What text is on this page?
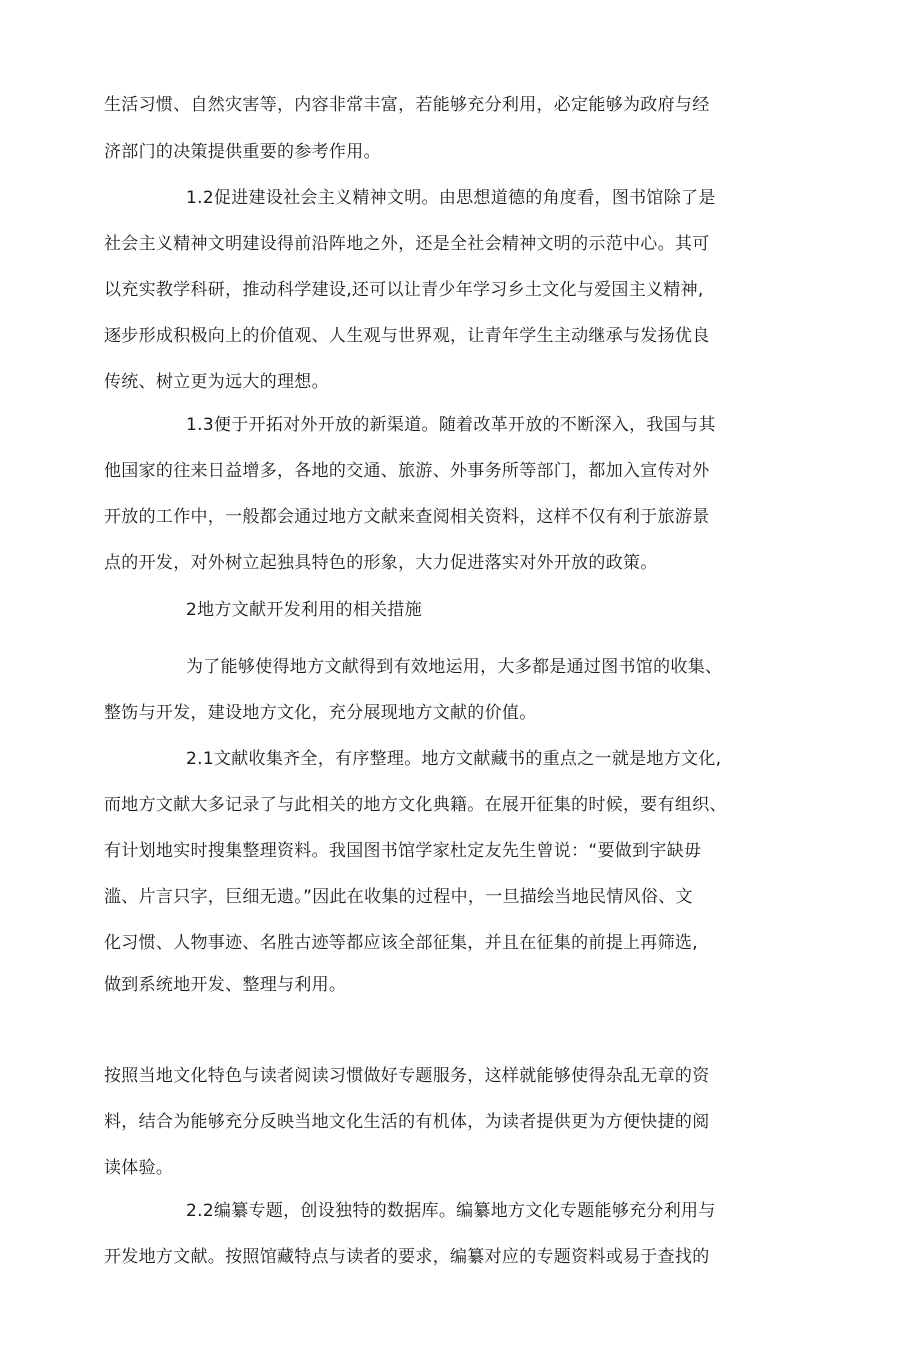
生活习惯、自然灾害等，内容非常丰富，若能够充分利用，必定能够为政府与经
济部门的决策提供重要的参考作用。
1.2促进建设社会主义精神文明。由思想道德的角度看，图书馆除了是
社会主义精神文明建设得前沿阵地之外，还是全社会精神文明的示范中心。其可
以充实教学科研，推动科学建设,还可以让青少年学习乡土文化与爱国主义精神,
逐步形成积极向上的价值观、人生观与世界观，让青年学生主动继承与发扬优良
传统、树立更为远大的理想。
1.3便于开拓对外开放的新渠道。随着改革开放的不断深入，我国与其
他国家的往来日益增多，各地的交通、旅游、外事务所等部门，都加入宣传对外
开放的工作中，一般都会通过地方文献来查阅相关资料，这样不仅有利于旅游景
点的开发，对外树立起独具特色的形象，大力促进落实对外开放的政策。
2地方文献开发利用的相关措施
为了能够使得地方文献得到有效地运用，大多都是通过图书馆的收集、
整饬与开发，建设地方文化，充分展现地方文献的价值。
2.1文献收集齐全，有序整理。地方文献藏书的重点之一就是地方文化,
而地方文献大多记录了与此相关的地方文化典籍。在展开征集的时候，要有组织、
有计划地实时搜集整理资料。我国图书馆学家杜定友先生曾说：“要做到宇缺毋
滥、片言只字，巨细无遗。”因此在收集的过程中，一旦描绘当地民情风俗、文
化习惯、人物事迹、名胜古迹等都应该全部征集，并且在征集的前提上再筛选,
做到系统地开发、整理与利用。
按照当地文化特色与读者阅读习惯做好专题服务，这样就能够使得杂乱无章的资
料，结合为能够充分反映当地文化生活的有机体，为读者提供更为方便快捷的阅
读体验。
2.2编纂专题，创设独特的数据库。编纂地方文化专题能够充分利用与
开发地方文献。按照馆藏特点与读者的要求，编纂对应的专题资料或易于查找的
